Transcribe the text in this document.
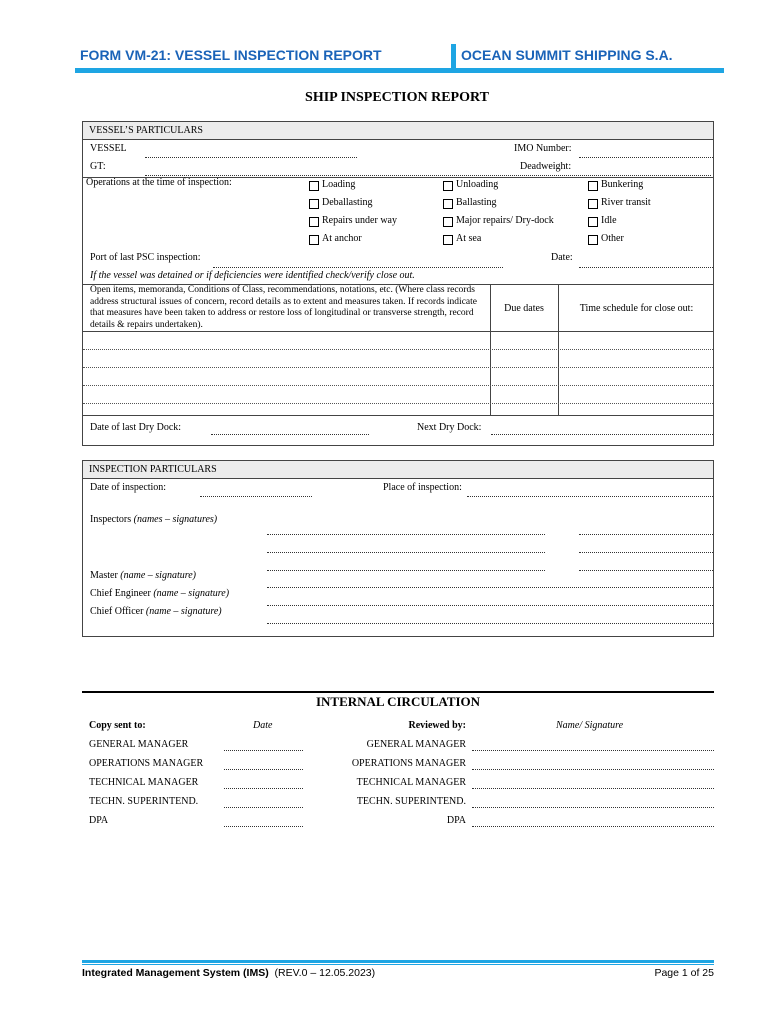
FORM VM-21: VESSEL INSPECTION REPORT	OCEAN SUMMIT SHIPPING S.A.
SHIP INSPECTION REPORT
VESSEL’S PARTICULARS
VESSEL	IMO Number:
GT:	Deadweight:
Operations at the time of inspection:	Loading	Unloading	Bunkering
Deballasting	Ballasting	River transit
Repairs under way	Major repairs/ Dry-dock	Idle
At anchor	At sea	Other
Port of last PSC inspection:	Date:
If the vessel was detained or if deficiencies were identified check/verify close out.
Open items, memoranda, Conditions of Class, recommendations, notations, etc. (Where class records address structural issues of concern, record details as to extent and measures taken. If records indicate that measures have been taken to address or restore loss of longitudinal or transverse strength, record details & repairs undertaken).
Due dates	Time schedule for close out:
Date of last Dry Dock:	Next Dry Dock:
INSPECTION PARTICULARS
Date of inspection:	Place of inspection:
Inspectors (names – signatures)
Master (name – signature)
Chief Engineer (name – signature)
Chief Officer (name – signature)
INTERNAL CIRCULATION
Copy sent to:	Date	Reviewed by:	Name/ Signature
GENERAL MANAGER	GENERAL MANAGER
OPERATIONS MANAGER	OPERATIONS MANAGER
TECHNICAL MANAGER	TECHNICAL MANAGER
TECHN. SUPERINTEND.	TECHN. SUPERINTEND.
DPA	DPA
Integrated Management System (IMS) (REV.0 – 12.05.2023)	Page 1 of 25
